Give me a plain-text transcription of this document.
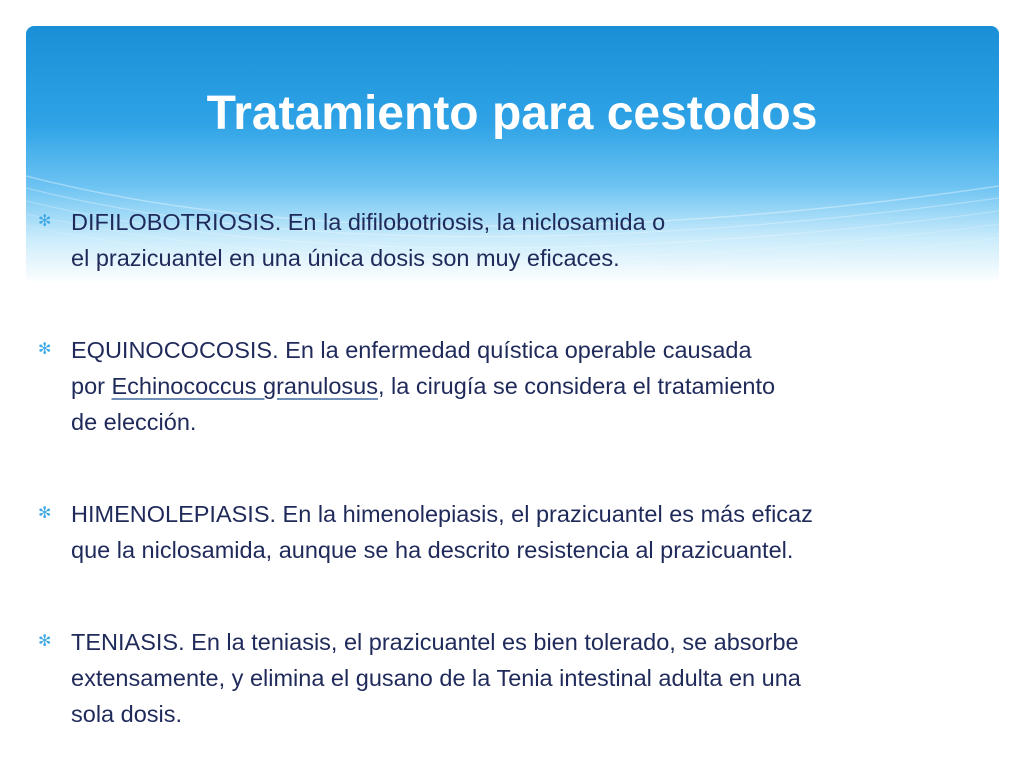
Tratamiento para cestodos
✻ DIFILOBOTRIOSIS. En la difilobotriosis, la niclosamida o
el prazicuantel en una única dosis son muy eficaces.
✻ EQUINOCOCOSIS. En la enfermedad quística operable causada
por Echinococcus granulosus, la cirugía se considera el tratamiento
de elección.
✻ HIMENOLEPIASIS. En la himenolepiasis, el prazicuantel es más eficaz
que la niclosamida, aunque se ha descrito resistencia al prazicuantel.
✻ TENIASIS. En la teniasis, el prazicuantel es bien tolerado, se absorbe
extensamente, y elimina el gusano de la Tenia intestinal adulta en una
sola dosis.
